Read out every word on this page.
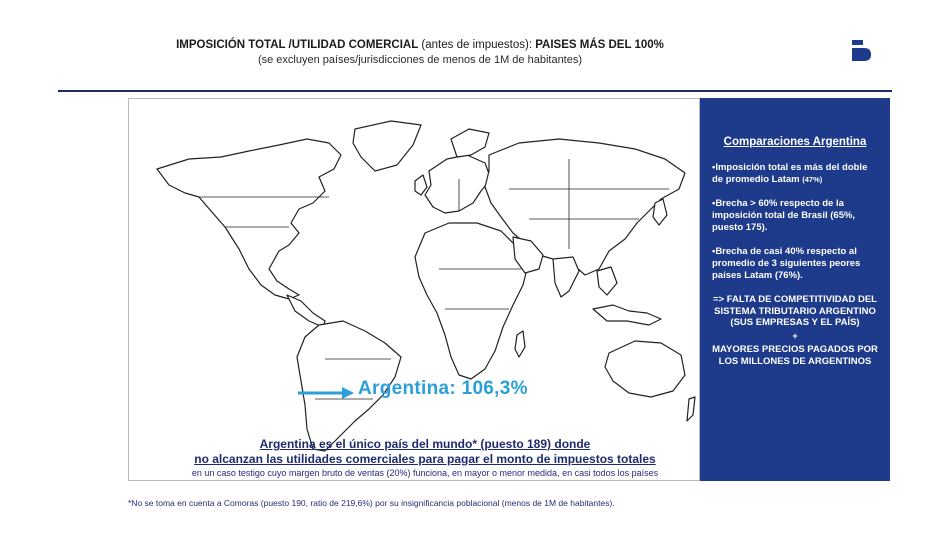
IMPOSICIÓN TOTAL /UTILIDAD COMERCIAL (antes de impuestos): PAISES MÁS DEL 100%
(se excluyen países/jurisdicciones de menos de 1M de habitantes)
Argentina: 106,3%
Argentina es el único país del mundo* (puesto 189) donde
no alcanzan las utilidades comerciales para pagar el monto de impuestos totales
en un caso testigo cuyo margen bruto de ventas (20%) funciona, en mayor o menor medida, en casi todos los países
Comparaciones Argentina
•Imposición total es más del doble de promedio Latam (47%)
•Brecha > 60% respecto de la imposición total de Brasil (65%, puesto 175).
•Brecha de casi 40% respecto al promedio de 3 siguientes peores países Latam (76%).
=> FALTA DE COMPETITIVIDAD DEL SISTEMA TRIBUTARIO ARGENTINO (SUS EMPRESAS Y EL PAÍS)
+
MAYORES PRECIOS PAGADOS POR LOS MILLONES DE ARGENTINOS
*No se toma en cuenta a Comoras (puesto 190, ratio de 219,6%) por su insignificancia poblacional (menos de 1M de habitantes).
